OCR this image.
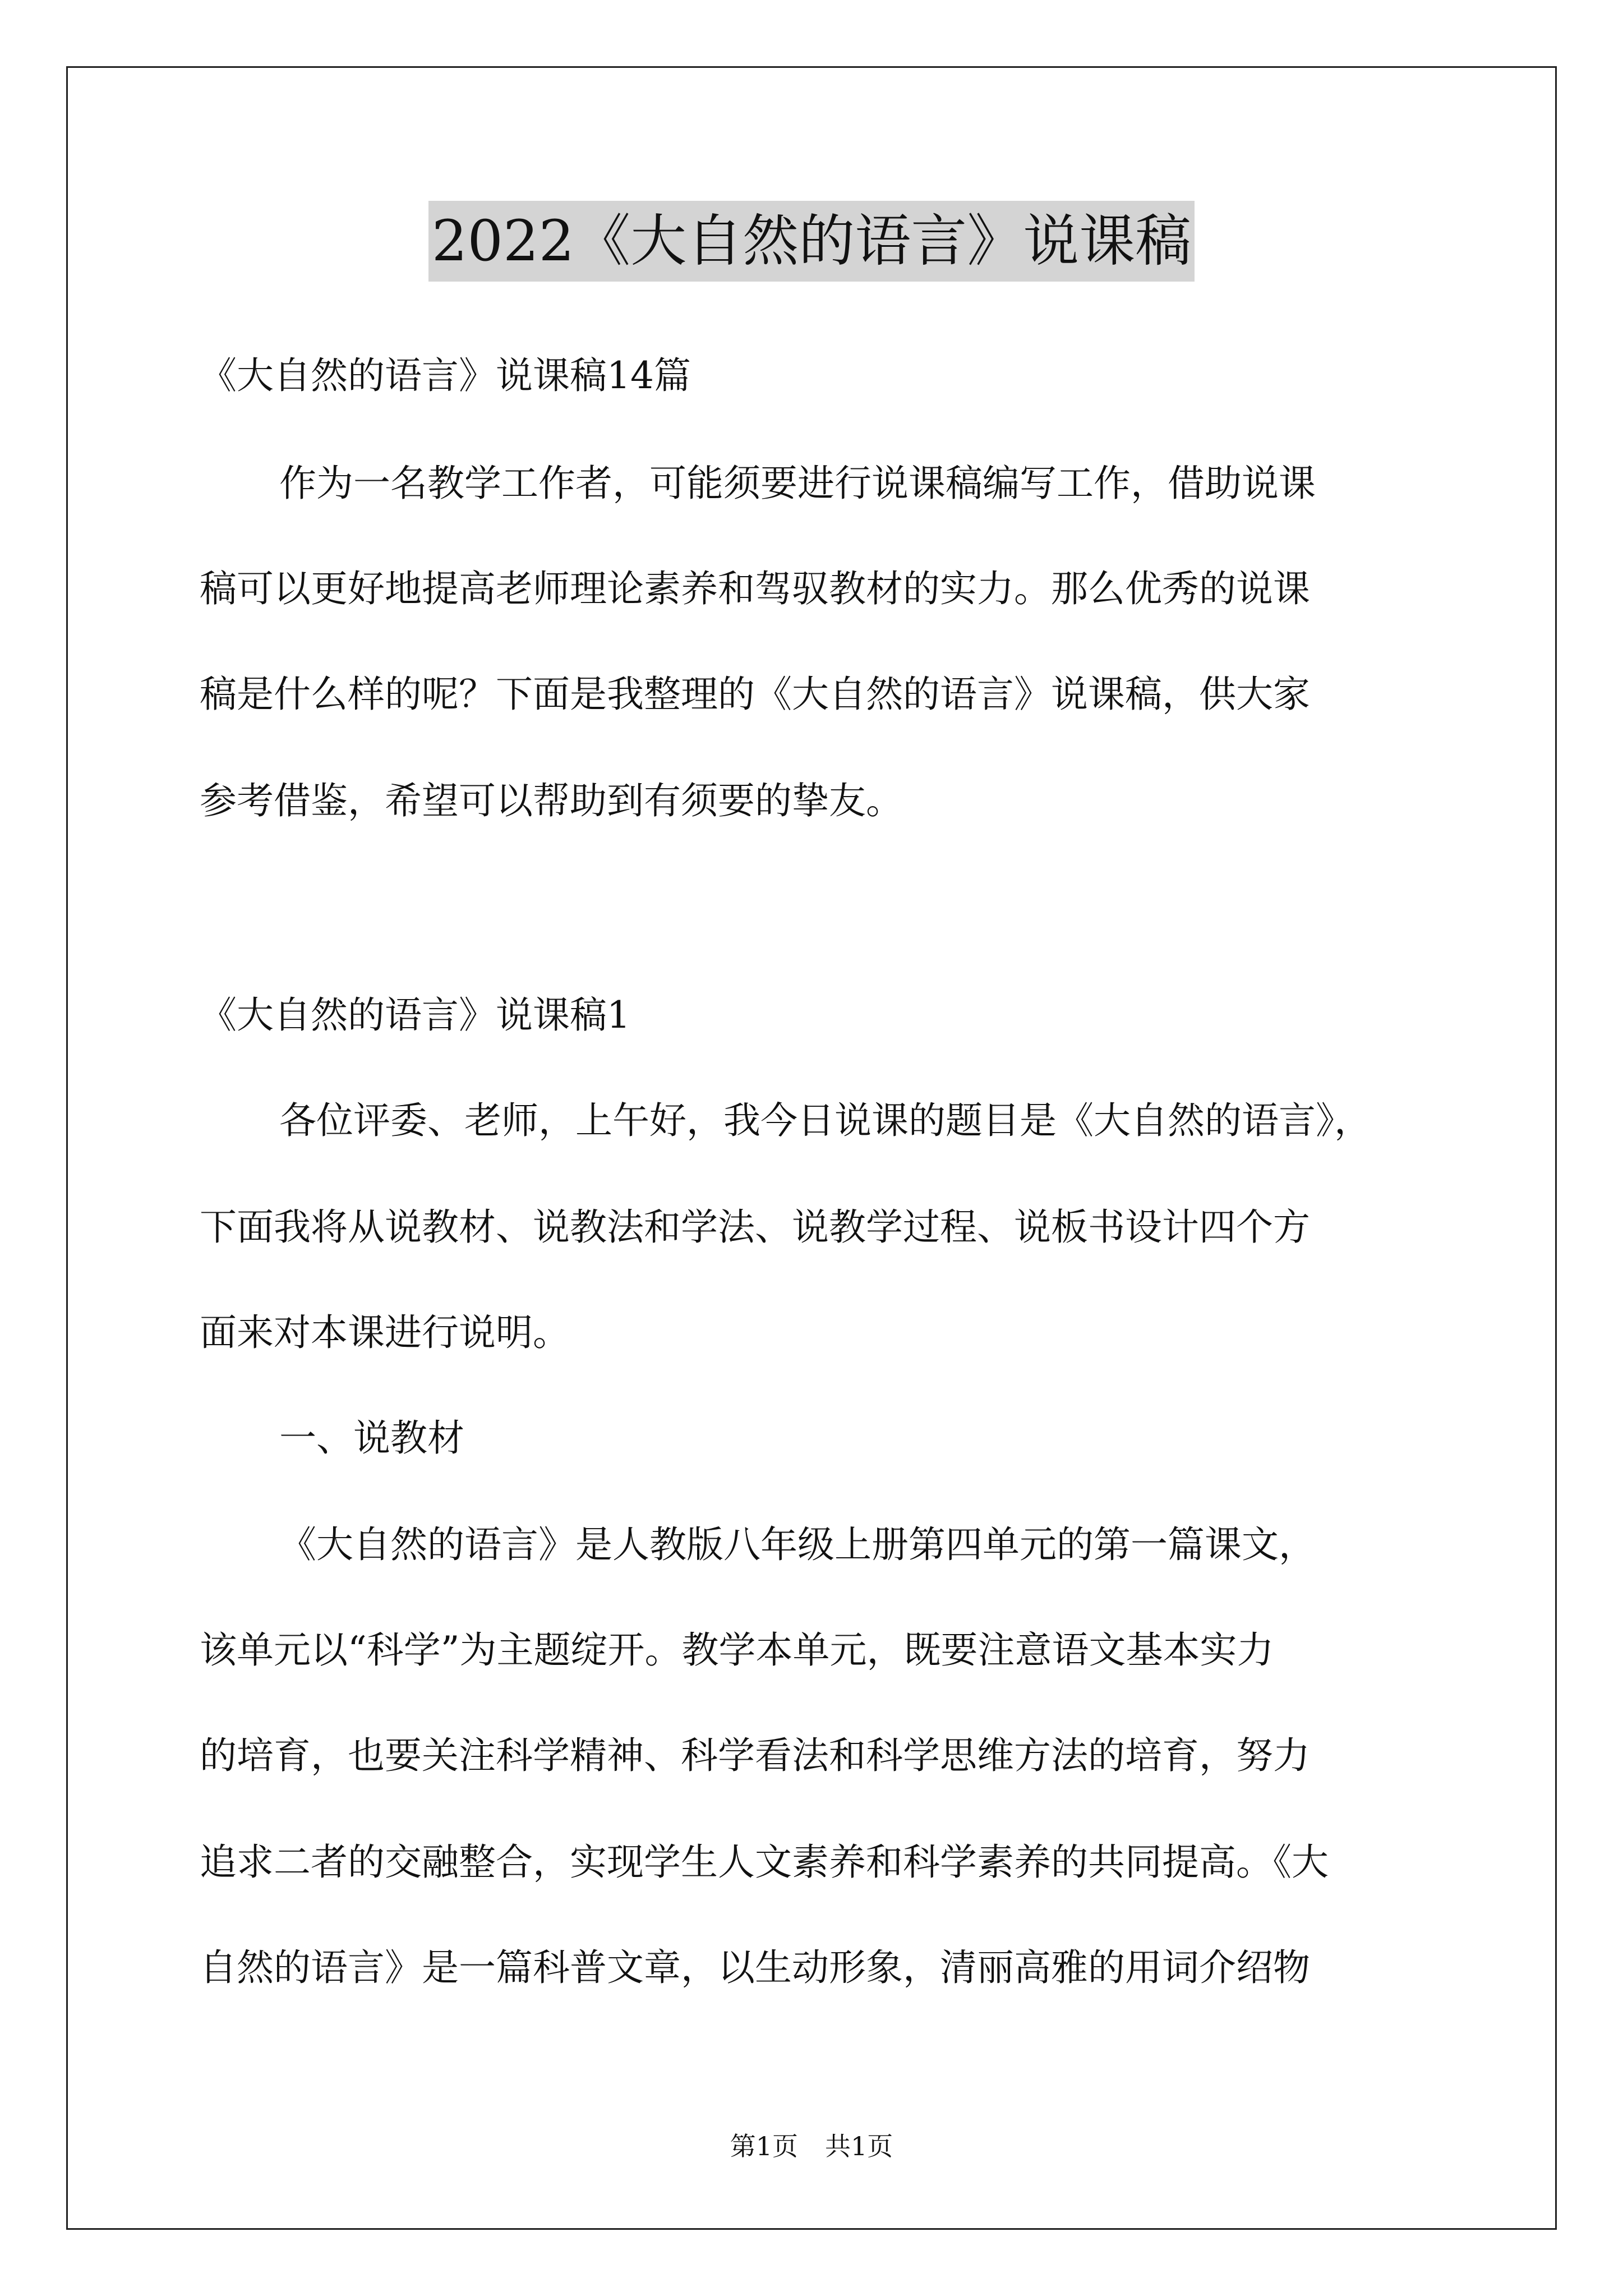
2022《大自然的语言》说课稿
《大自然的语言》说课稿14篇
作为一名教学工作者，可能须要进行说课稿编写工作，借助说课
稿可以更好地提高老师理论素养和驾驭教材的实力。那么优秀的说课
稿是什么样的呢？下面是我整理的《大自然的语言》说课稿，供大家
参考借鉴，希望可以帮助到有须要的挚友。
《大自然的语言》说课稿1
各位评委、老师，上午好，我今日说课的题目是《大自然的语言》，
下面我将从说教材、说教法和学法、说教学过程、说板书设计四个方
面来对本课进行说明。
一、说教材
《大自然的语言》是人教版八年级上册第四单元的第一篇课文，
该单元以“科学”为主题绽开。教学本单元，既要注意语文基本实力
的培育，也要关注科学精神、科学看法和科学思维方法的培育，努力
追求二者的交融整合，实现学生人文素养和科学素养的共同提高。《大
自然的语言》是一篇科普文章，以生动形象，清丽高雅的用词介绍物
第1页 共1页
